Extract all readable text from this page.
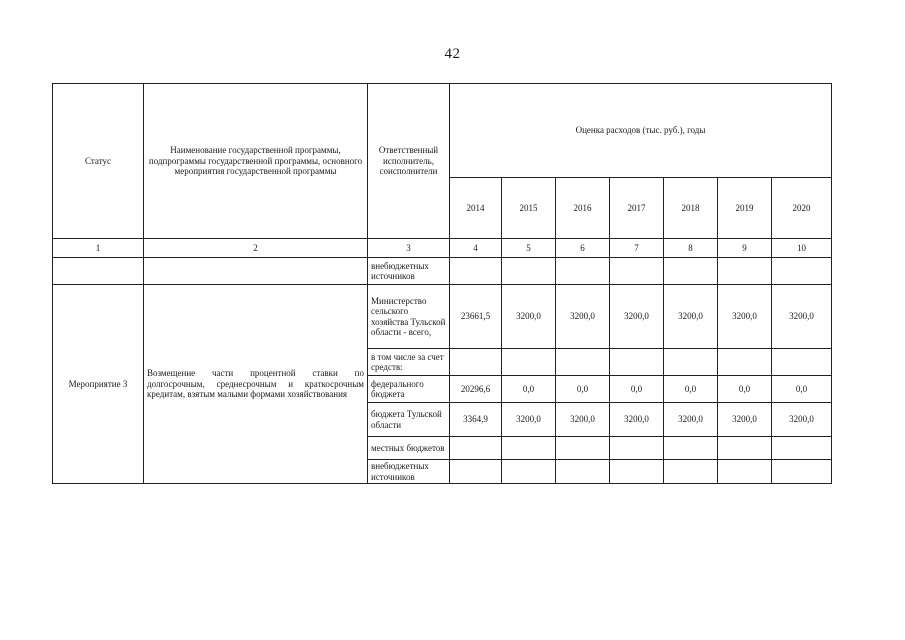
42
Статус	Наименование государственной программы, подпрограммы государственной программы, основного мероприятия государственной программы	Ответственный исполнитель, соисполнители	Оценка расходов (тыс. руб.), годы						
			2014	2015	2016	2017	2018	2019	2020
1	2	3	4	5	6	7	8	9	10
		внебюджетных источников							
Мероприятие 3	Возмещение части процентной ставки по долгосрочным, среднесрочным и краткосрочным кредитам, взятым малыми формами хозяйствования	Министерство сельского хозяйства Тульской области - всего,	23661,5	3200,0	3200,0	3200,0	3200,0	3200,0	3200,0
		в том числе за счет средств:							
		федерального бюджета	20296,6	0,0	0,0	0,0	0,0	0,0	0,0
		бюджета Тульской области	3364,9	3200,0	3200,0	3200,0	3200,0	3200,0	3200,0
		местных бюджетов							
		внебюджетных источников							
